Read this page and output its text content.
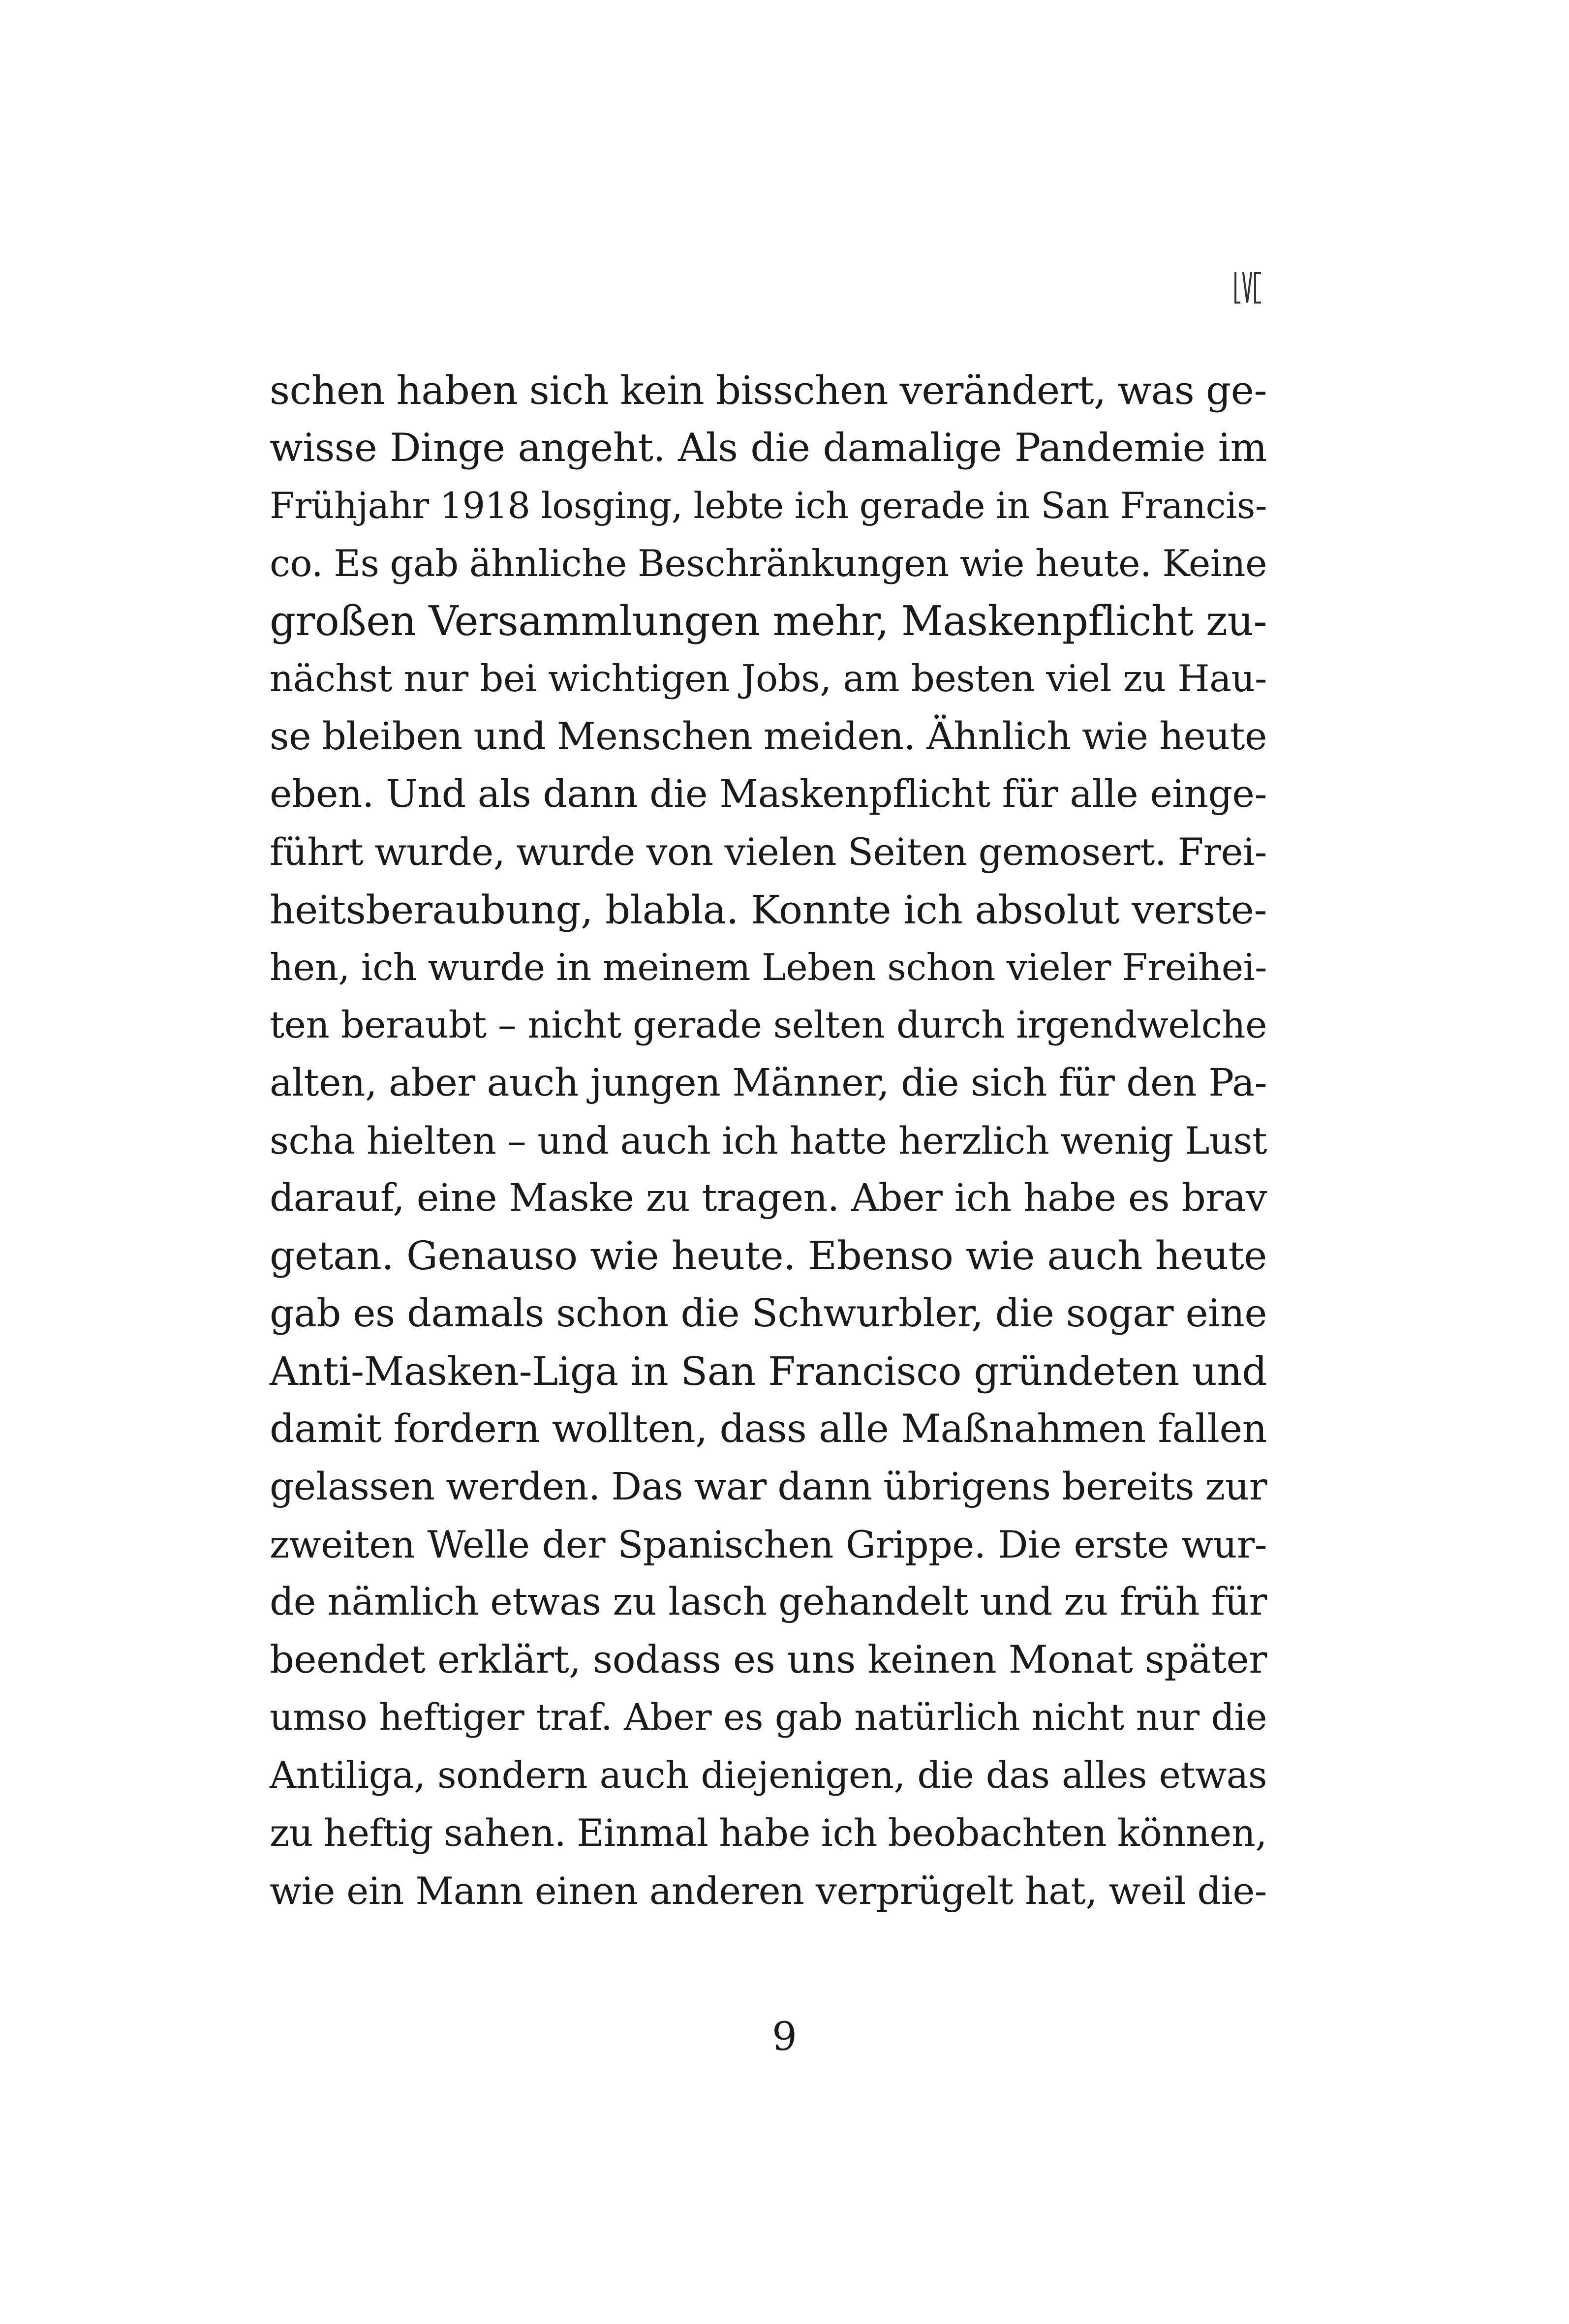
schen haben sich kein bisschen verändert, was ge-
wisse Dinge angeht. Als die damalige Pandemie im
Frühjahr 1918 losging, lebte ich gerade in San Francis-
co. Es gab ähnliche Beschränkungen wie heute. Keine
großen Versammlungen mehr, Maskenpflicht zu-
nächst nur bei wichtigen Jobs, am besten viel zu Hau-
se bleiben und Menschen meiden. Ähnlich wie heute
eben. Und als dann die Maskenpflicht für alle einge-
führt wurde, wurde von vielen Seiten gemosert. Frei-
heitsberaubung, blabla. Konnte ich absolut verste-
hen, ich wurde in meinem Leben schon vieler Freihei-
ten beraubt – nicht gerade selten durch irgendwelche
alten, aber auch jungen Männer, die sich für den Pa-
scha hielten – und auch ich hatte herzlich wenig Lust
darauf, eine Maske zu tragen. Aber ich habe es brav
getan. Genauso wie heute. Ebenso wie auch heute
gab es damals schon die Schwurbler, die sogar eine
Anti-Masken-Liga in San Francisco gründeten und
damit fordern wollten, dass alle Maßnahmen fallen
gelassen werden. Das war dann übrigens bereits zur
zweiten Welle der Spanischen Grippe. Die erste wur-
de nämlich etwas zu lasch gehandelt und zu früh für
beendet erklärt, sodass es uns keinen Monat später
umso heftiger traf. Aber es gab natürlich nicht nur die
Antiliga, sondern auch diejenigen, die das alles etwas
zu heftig sahen. Einmal habe ich beobachten können,
wie ein Mann einen anderen verprügelt hat, weil die-
9
